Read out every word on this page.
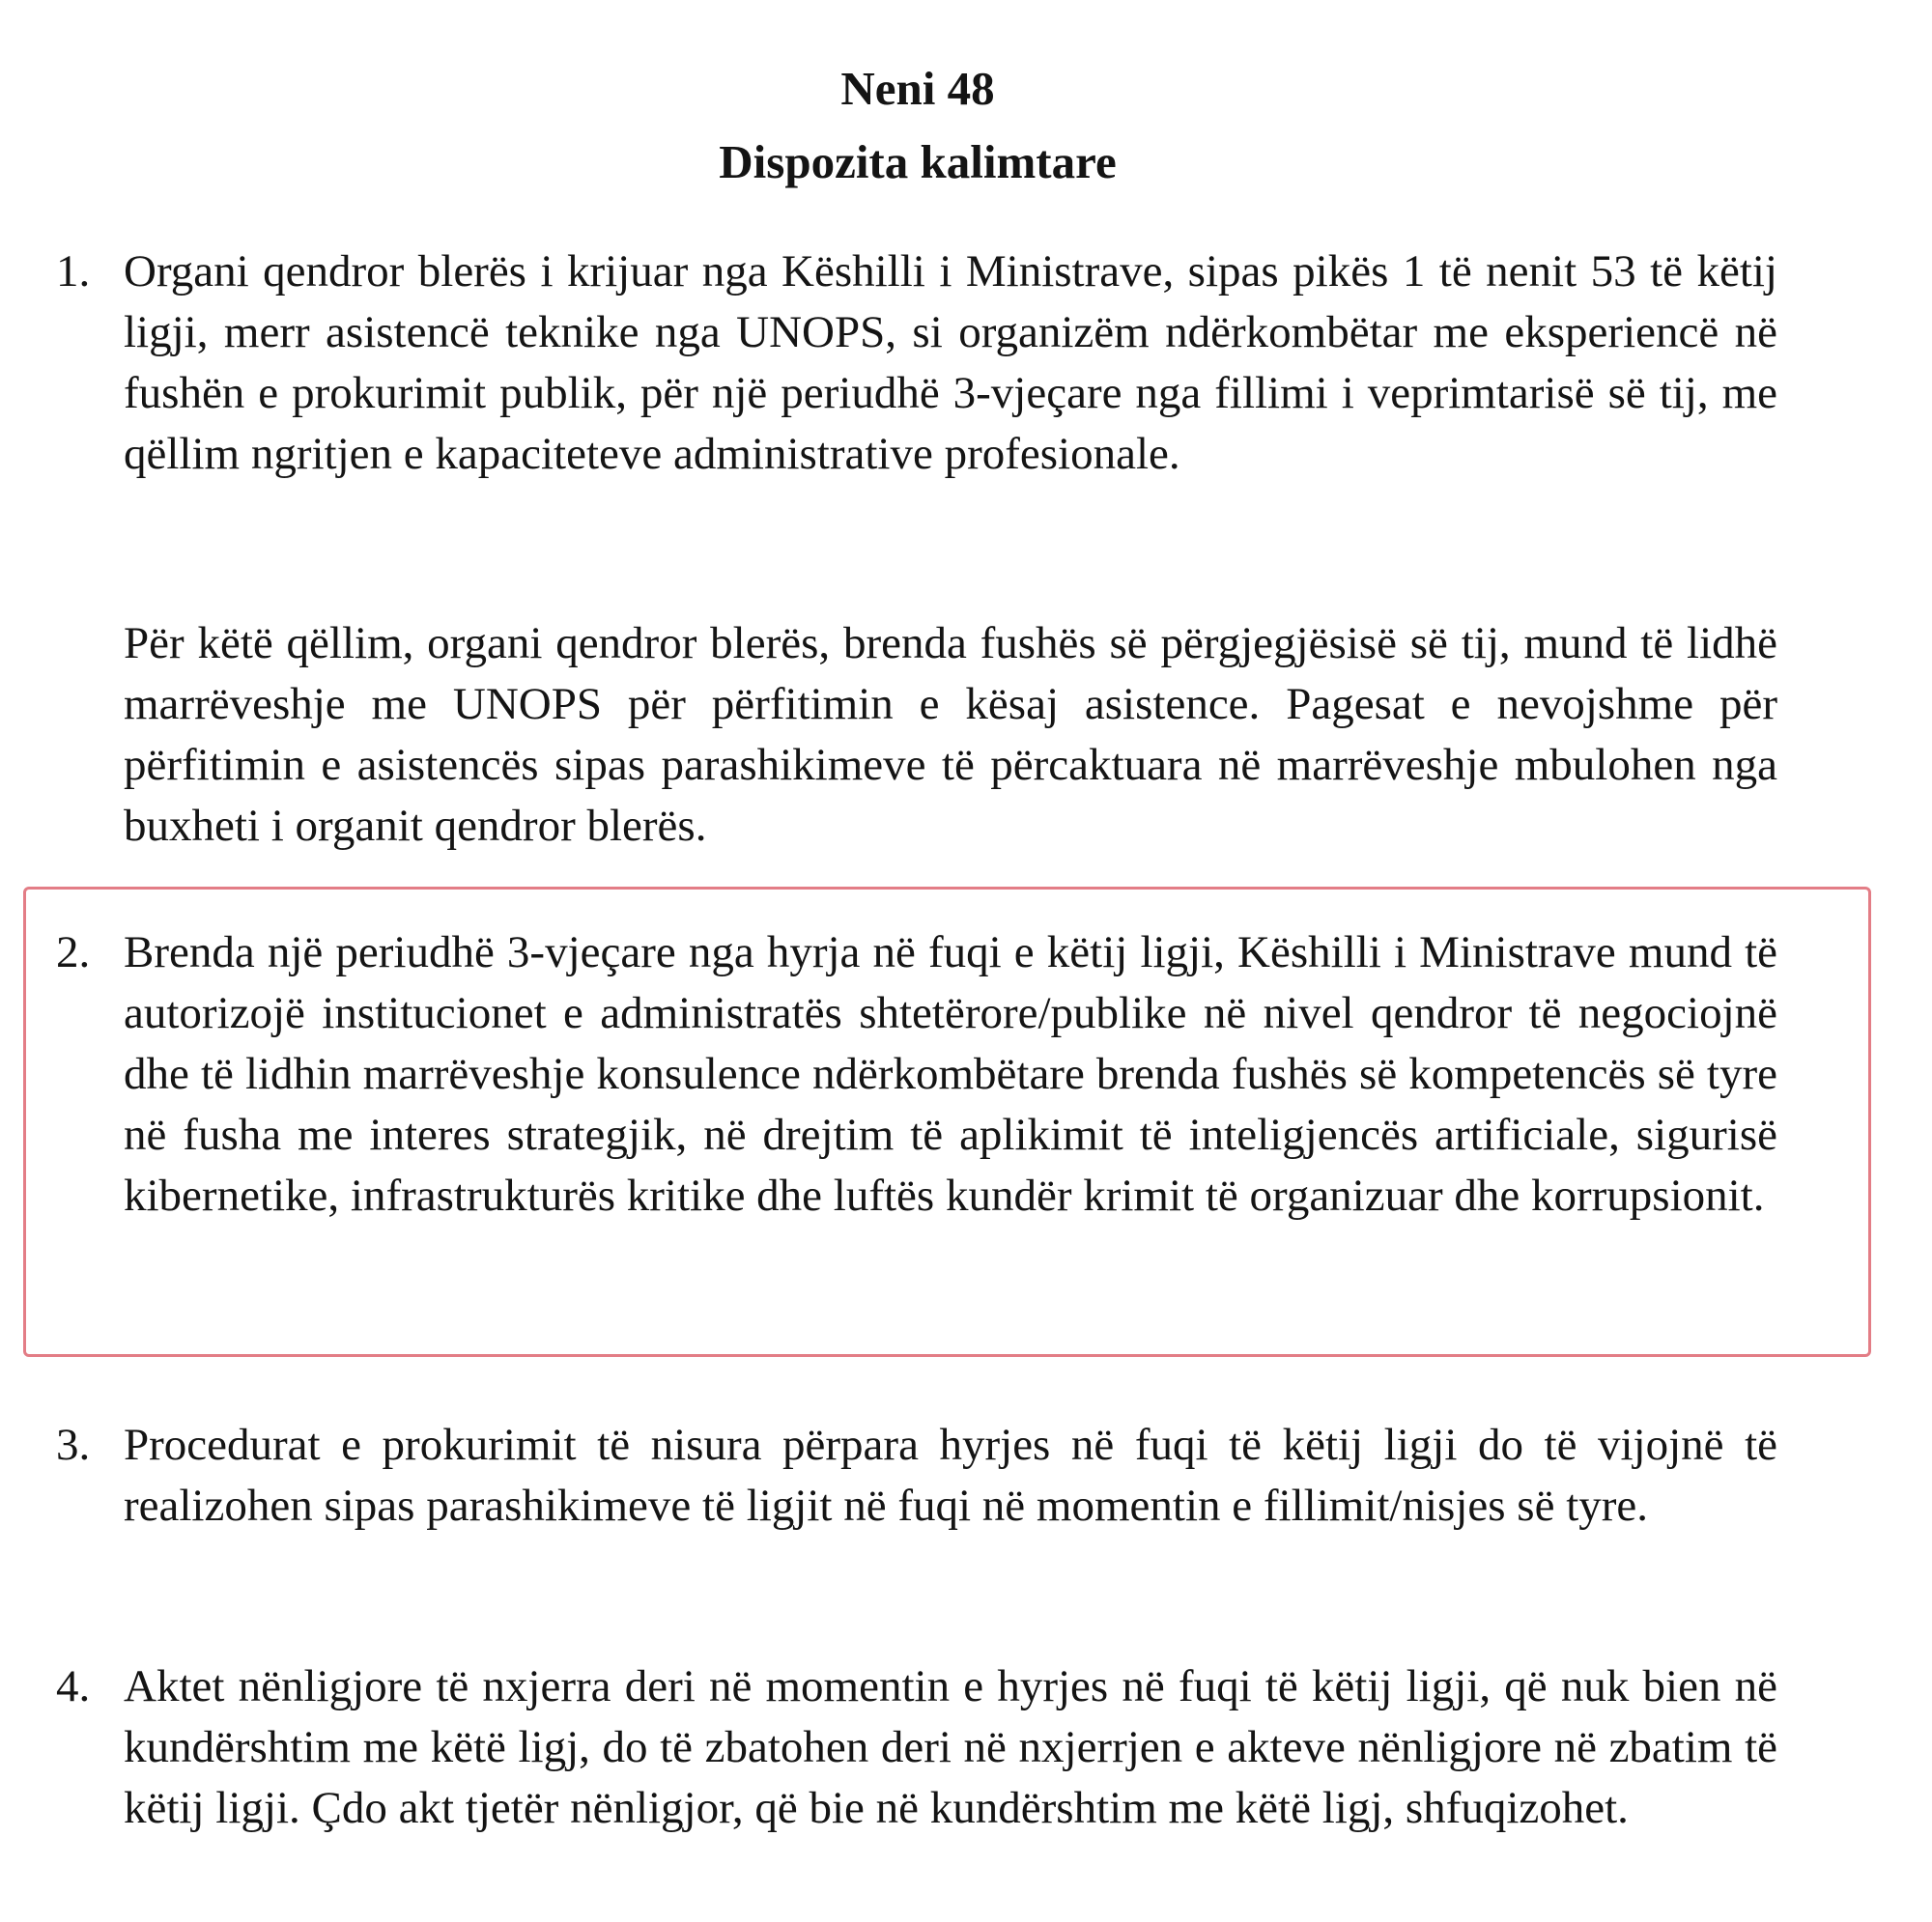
Neni 48
Dispozita kalimtare

1. Organi qendror blerës i krijuar nga Këshilli i Ministrave, sipas pikës 1 të nenit 53 të këtij ligji, merr asistencë teknike nga UNOPS, si organizëm ndërkombëtar me eksperiencë në fushën e prokurimit publik, për një periudhë 3-vjeçare nga fillimi i veprimtarisë së tij, me qëllim ngritjen e kapaciteteve administrative profesionale.

Për këtë qëllim, organi qendror blerës, brenda fushës së përgjegjësisë së tij, mund të lidhë marrëveshje me UNOPS për përfitimin e kësaj asistence. Pagesat e nevojshme për përfitimin e asistencës sipas parashikimeve të përcaktuara në marrëveshje mbulohen nga buxheti i organit qendror blerës.

2. Brenda një periudhë 3-vjeçare nga hyrja në fuqi e këtij ligji, Këshilli i Ministrave mund të autorizojë institucionet e administratës shtetërore/publike në nivel qendror të negociojnë dhe të lidhin marrëveshje konsulence ndërkombëtare brenda fushës së kompetencës së tyre në fusha me interes strategjik, në drejtim të aplikimit të inteligjencës artificiale, sigurisë kibernetike, infrastrukturës kritike dhe luftës kundër krimit të organizuar dhe korrupsionit.

3. Procedurat e prokurimit të nisura përpara hyrjes në fuqi të këtij ligji do të vijojnë të realizohen sipas parashikimeve të ligjit në fuqi në momentin e fillimit/nisjes së tyre.

4. Aktet nënligjore të nxjerra deri në momentin e hyrjes në fuqi të këtij ligji, që nuk bien në kundërshtim me këtë ligj, do të zbatohen deri në nxjerrjen e akteve nënligjore në zbatim të këtij ligji. Çdo akt tjetër nënligjor, që bie në kundërshtim me këtë ligj, shfuqizohet.
